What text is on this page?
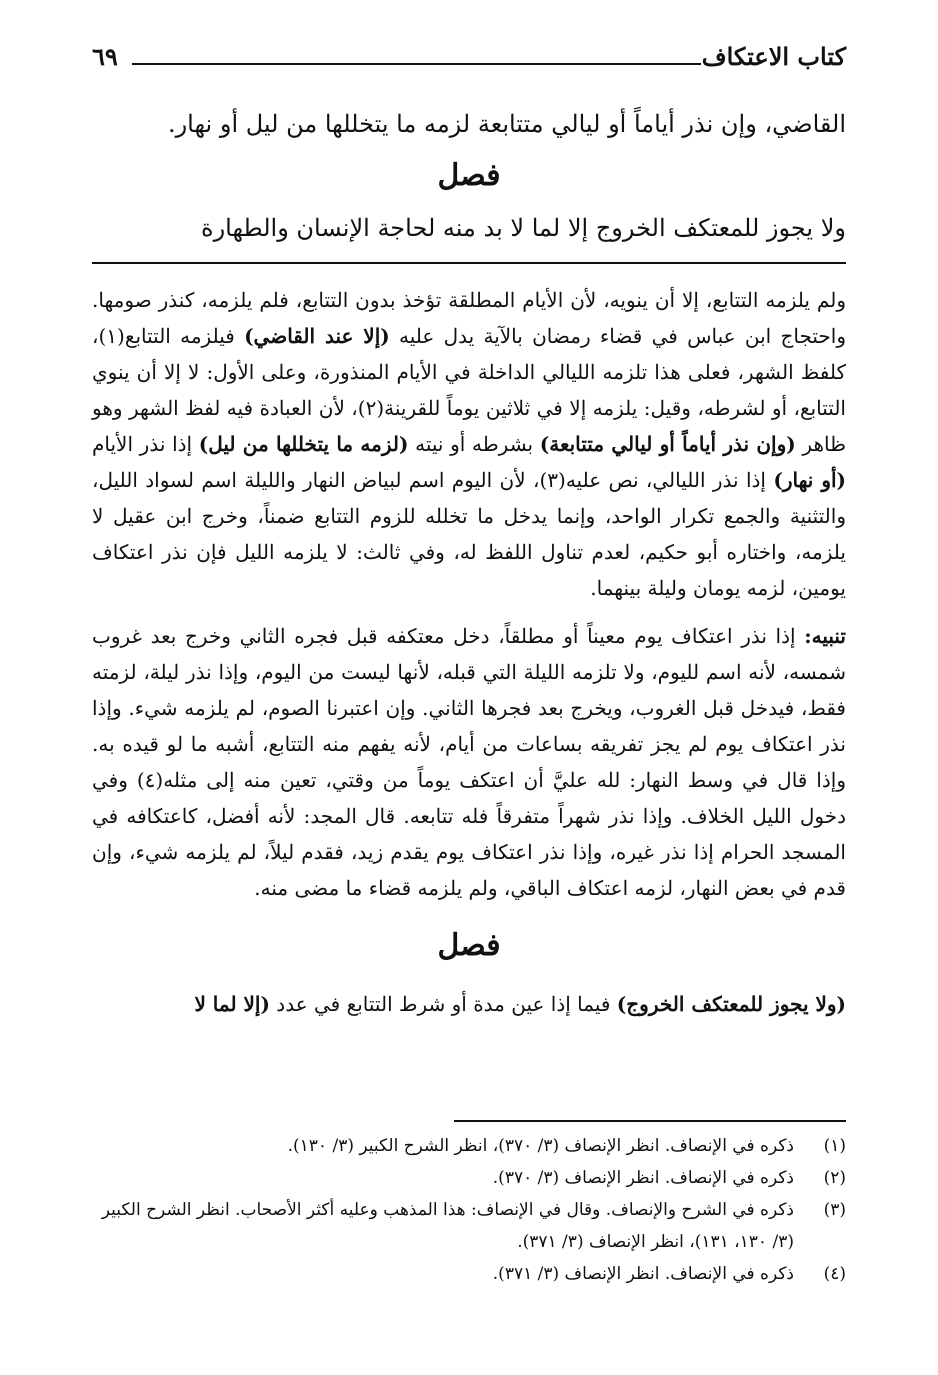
كتاب الاعتكاف
٦٩

القاضي، وإن نذر أياماً أو ليالي متتابعة لزمه ما يتخللها من ليل أو نهار.

فصل

ولا يجوز للمعتكف الخروج إلا لما لا بد منه لحاجة الإنسان والطهارة

ولم يلزمه التتابع، إلا أن ينويه، لأن الأيام المطلقة تؤخذ بدون التتابع، فلم يلزمه، كنذر صومها. واحتجاج ابن عباس في قضاء رمضان بالآية يدل عليه (إلا عند القاضي) فيلزمه التتابع(١)، كلفظ الشهر، فعلى هذا تلزمه الليالي الداخلة في الأيام المنذورة، وعلى الأول: لا إلا أن ينوي التتابع، أو لشرطه، وقيل: يلزمه إلا في ثلاثين يوماً للقرينة(٢)، لأن العبادة فيه لفظ الشهر وهو ظاهر (وإن نذر أياماً أو ليالي متتابعة) بشرطه أو نيته (لزمه ما يتخللها من ليل) إذا نذر الأيام (أو نهار) إذا نذر الليالي، نص عليه(٣)، لأن اليوم اسم لبياض النهار والليلة اسم لسواد الليل، والتثنية والجمع تكرار الواحد، وإنما يدخل ما تخلله للزوم التتابع ضمناً، وخرج ابن عقيل لا يلزمه، واختاره أبو حكيم، لعدم تناول اللفظ له، وفي ثالث: لا يلزمه الليل فإن نذر اعتكاف يومين، لزمه يومان وليلة بينهما.

تنبيه: إذا نذر اعتكاف يوم معيناً أو مطلقاً، دخل معتكفه قبل فجره الثاني وخرج بعد غروب شمسه، لأنه اسم لليوم، ولا تلزمه الليلة التي قبله، لأنها ليست من اليوم، وإذا نذر ليلة، لزمته فقط، فيدخل قبل الغروب، ويخرج بعد فجرها الثاني. وإن اعتبرنا الصوم، لم يلزمه شيء. وإذا نذر اعتكاف يوم لم يجز تفريقه بساعات من أيام، لأنه يفهم منه التتابع، أشبه ما لو قيده به. وإذا قال في وسط النهار: لله عليَّ أن اعتكف يوماً من وقتي، تعين منه إلى مثله(٤) وفي دخول الليل الخلاف. وإذا نذر شهراً متفرقاً فله تتابعه. قال المجد: لأنه أفضل، كاعتكافه في المسجد الحرام إذا نذر غيره، وإذا نذر اعتكاف يوم يقدم زيد، فقدم ليلاً، لم يلزمه شيء، وإن قدم في بعض النهار، لزمه اعتكاف الباقي، ولم يلزمه قضاء ما مضى منه.

فصل

(ولا يجوز للمعتكف الخروج) فيما إذا عين مدة أو شرط التتابع في عدد (إلا لما لا

(١)
ذكره في الإنصاف. انظر الإنصاف (٣/ ٣٧٠)، انظر الشرح الكبير (٣/ ١٣٠).
(٢)
ذكره في الإنصاف. انظر الإنصاف (٣/ ٣٧٠).
(٣)
ذكره في الشرح والإنصاف. وقال في الإنصاف: هذا المذهب وعليه أكثر الأصحاب. انظر الشرح الكبير (٣/ ١٣٠، ١٣١)، انظر الإنصاف (٣/ ٣٧١).
(٤)
ذكره في الإنصاف. انظر الإنصاف (٣/ ٣٧١).
